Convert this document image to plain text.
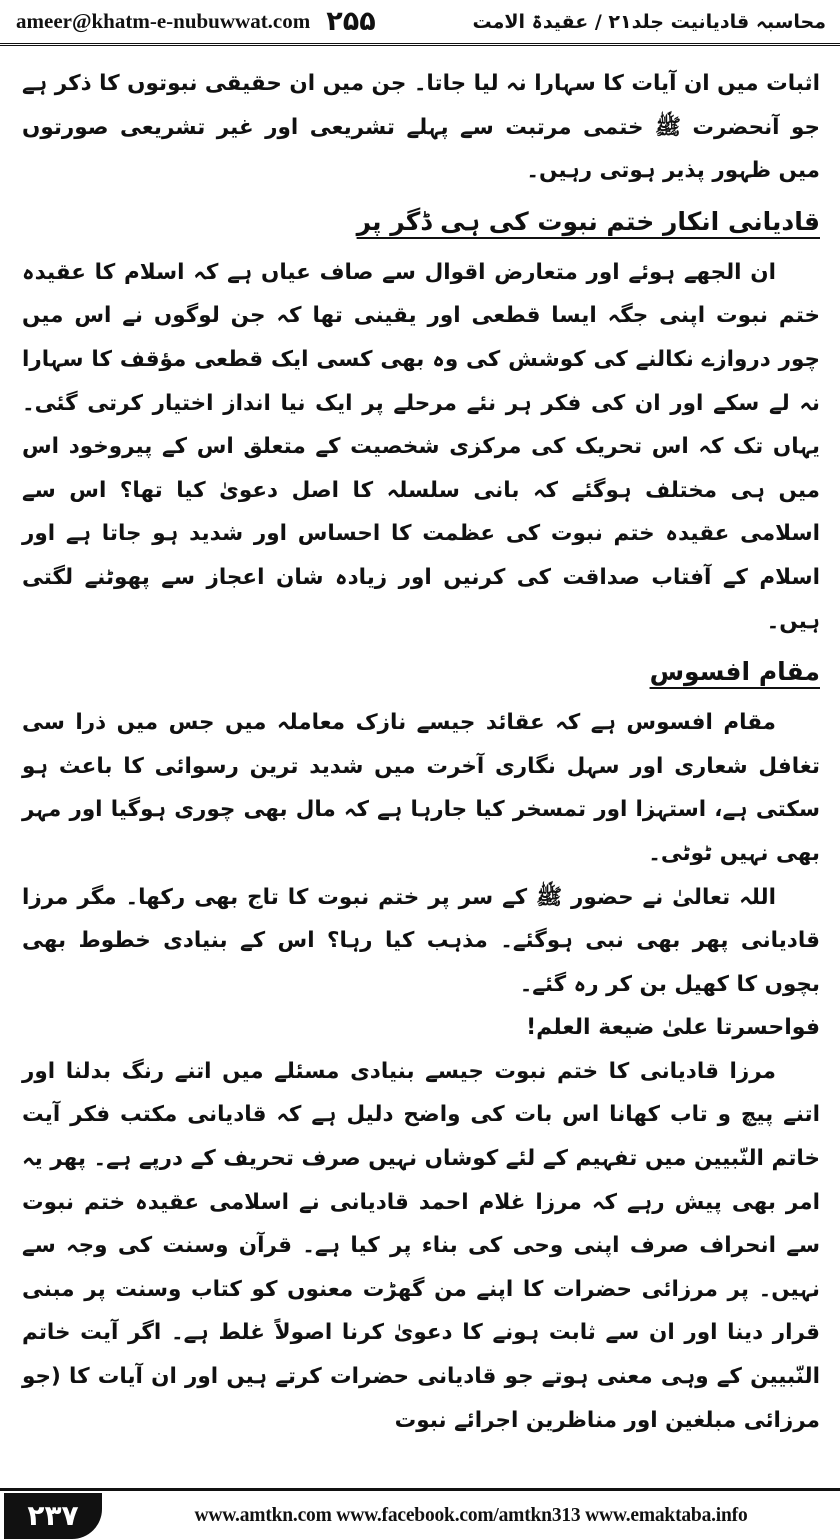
ameer@khatm-e-nubuwwat.com ۲۵۵	محاسبہ قادیانیت جلد۲۱ / عقیدۃ الامت

اثبات میں ان آیات کا سہارا نہ لیا جاتا۔ جن میں ان حقیقی نبوتوں کا ذکر ہے جو آنحضرت ﷺ ختمی مرتبت سے پہلے تشریعی اور غیر تشریعی صورتوں میں ظہور پذیر ہوتی رہیں۔

قادیانی انکار ختم نبوت کی ہی ڈگر پر

ان الجھے ہوئے اور متعارض اقوال سے صاف عیاں ہے کہ اسلام کا عقیدہ ختم نبوت اپنی جگہ ایسا قطعی اور یقینی تھا کہ جن لوگوں نے اس میں چور دروازے نکالنے کی کوشش کی وہ بھی کسی ایک قطعی مؤقف کا سہارا نہ لے سکے اور ان کی فکر ہر نئے مرحلے پر ایک نیا انداز اختیار کرتی گئی۔ یہاں تک کہ اس تحریک کی مرکزی شخصیت کے متعلق اس کے پیروخود اس میں ہی مختلف ہوگئے کہ بانی سلسلہ کا اصل دعویٰ کیا تھا؟ اس سے اسلامی عقیدہ ختم نبوت کی عظمت کا احساس اور شدید ہو جاتا ہے اور اسلام کے آفتاب صداقت کی کرنیں اور زیادہ شان اعجاز سے پھوٹنے لگتی ہیں۔

مقام افسوس

مقام افسوس ہے کہ عقائد جیسے نازک معاملہ میں جس میں ذرا سی تغافل شعاری اور سہل نگاری آخرت میں شدید ترین رسوائی کا باعث ہو سکتی ہے، استہزا اور تمسخر کیا جارہا ہے کہ مال بھی چوری ہوگیا اور مہر بھی نہیں ٹوٹی۔

اللہ تعالیٰ نے حضور ﷺ کے سر پر ختم نبوت کا تاج بھی رکھا۔ مگر مرزا قادیانی پھر بھی نبی ہوگئے۔ مذہب کیا رہا؟ اس کے بنیادی خطوط بھی بچوں کا کھیل بن کر رہ گئے۔

فواحسرتا علیٰ ضیعة العلم!

مرزا قادیانی کا ختم نبوت جیسے بنیادی مسئلے میں اتنے رنگ بدلنا اور اتنے پیچ و تاب کھانا اس بات کی واضح دلیل ہے کہ قادیانی مکتب فکر آیت خاتم النّبیین میں تفہیم کے لئے کوشاں نہیں صرف تحریف کے درپے ہے۔ پھر یہ امر بھی پیش رہے کہ مرزا غلام احمد قادیانی نے اسلامی عقیدہ ختم نبوت سے انحراف صرف اپنی وحی کی بناء پر کیا ہے۔ قرآن وسنت کی وجہ سے نہیں۔ پر مرزائی حضرات کا اپنے من گھڑت معنوں کو کتاب وسنت پر مبنی قرار دینا اور ان سے ثابت ہونے کا دعویٰ کرنا اصولاً غلط ہے۔ اگر آیت خاتم النّبیین کے وہی معنی ہوتے جو قادیانی حضرات کرتے ہیں اور ان آیات کا (جو مرزائی مبلغین اور مناظرین اجرائے نبوت

۲۳۷	www.amtkn.com www.facebook.com/amtkn313 www.emaktaba.info
